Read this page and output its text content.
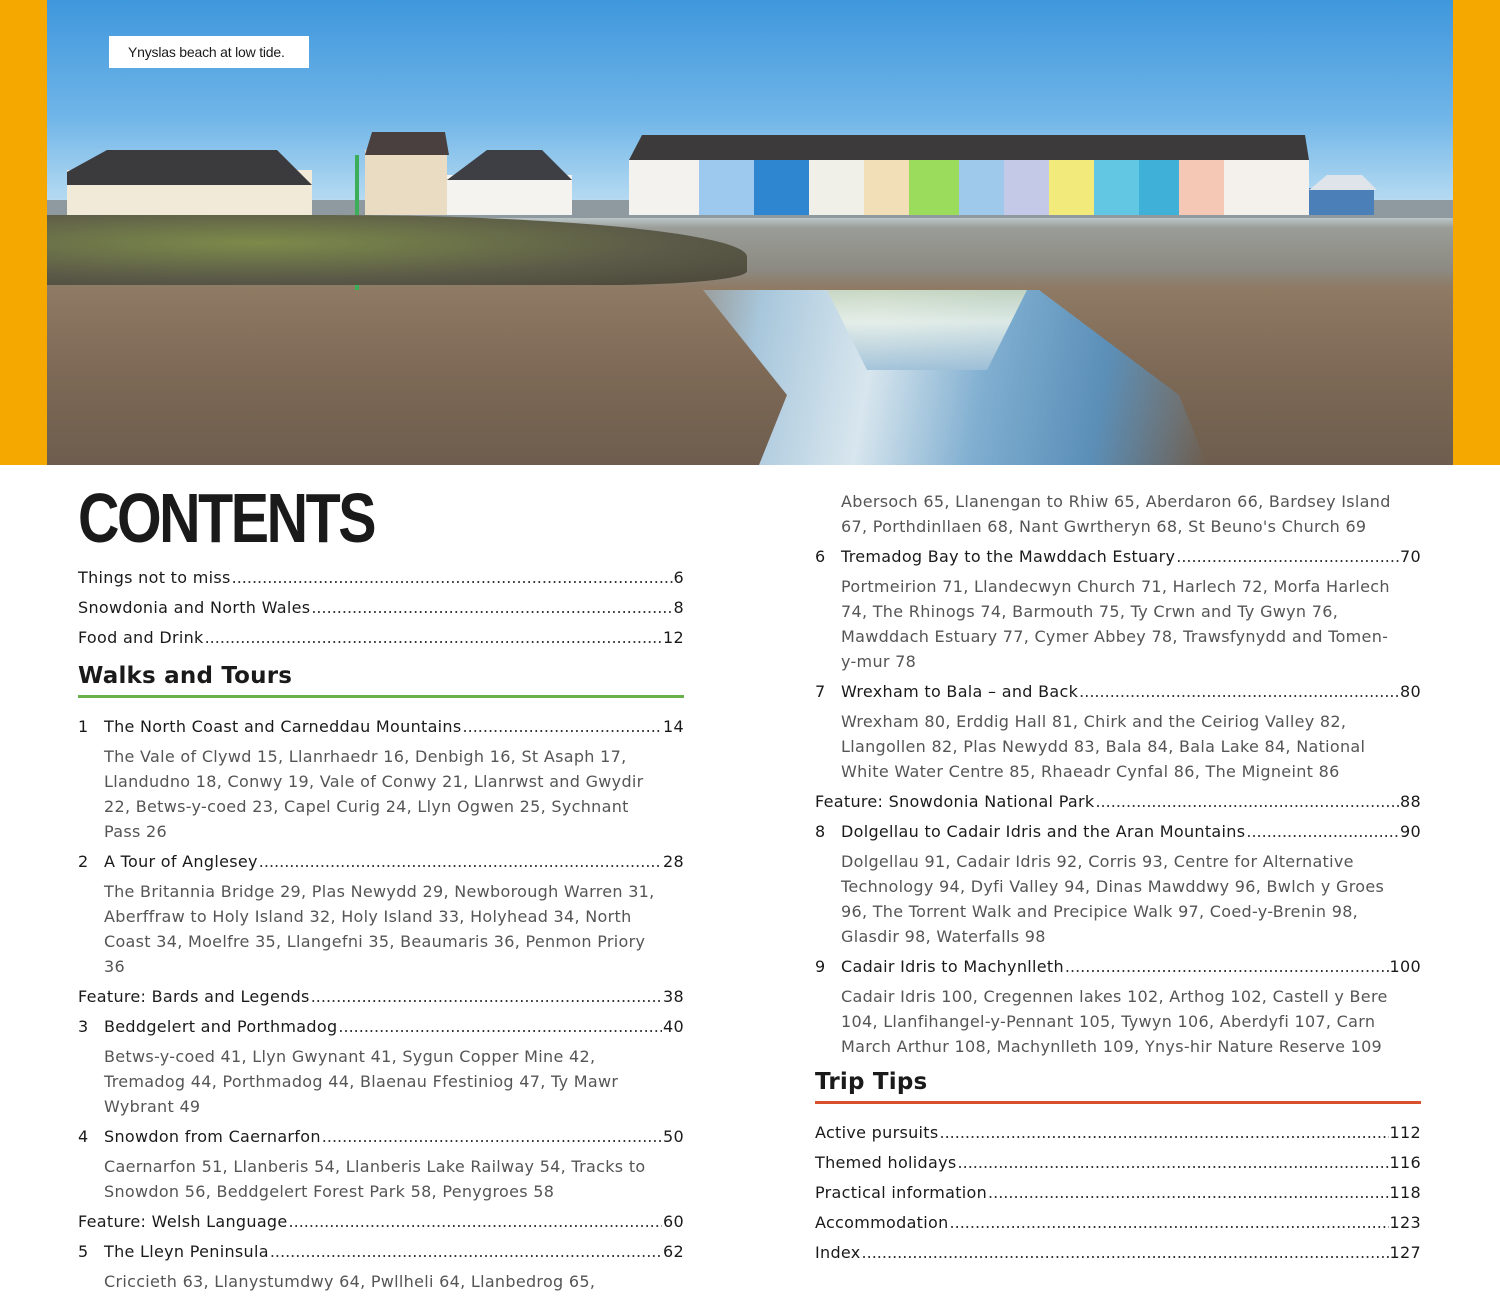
Ynyslas beach at low tide.
CONTENTS
Things not to miss .....	6
Snowdonia and North Wales .....	8
Food and Drink .....	12
Walks and Tours
1 The North Coast and Carneddau Mountains .....	14
The Vale of Clywd 15, Llanrhaedr 16, Denbigh 16, St Asaph 17, Llandudno 18, Conwy 19, Vale of Conwy 21, Llanrwst and Gwydir 22, Betws-y-coed 23, Capel Curig 24, Llyn Ogwen 25, Sychnant Pass 26
2 A Tour of Anglesey .....	28
The Britannia Bridge 29, Plas Newydd 29, Newborough Warren 31, Aberffraw to Holy Island 32, Holy Island 33, Holyhead 34, North Coast 34, Moelfre 35, Llangefni 35, Beaumaris 36, Penmon Priory 36
Feature: Bards and Legends .....	38
3 Beddgelert and Porthmadog .....	40
Betws-y-coed 41, Llyn Gwynant 41, Sygun Copper Mine 42, Tremadog 44, Porthmadog 44, Blaenau Ffestiniog 47, Ty Mawr Wybrant 49
4 Snowdon from Caernarfon .....	50
Caernarfon 51, Llanberis 54, Llanberis Lake Railway 54, Tracks to Snowdon 56, Beddgelert Forest Park 58, Penygroes 58
Feature: Welsh Language .....	60
5 The Lleyn Peninsula .....	62
Criccieth 63, Llanystumdwy 64, Pwllheli 64, Llanbedrog 65,
Abersoch 65, Llanengan to Rhiw 65, Aberdaron 66, Bardsey Island 67, Porthdinllaen 68, Nant Gwrtheryn 68, St Beuno's Church 69
6 Tremadog Bay to the Mawddach Estuary .....	70
Portmeirion 71, Llandecwyn Church 71, Harlech 72, Morfa Harlech 74, The Rhinogs 74, Barmouth 75, Ty Crwn and Ty Gwyn 76, Mawddach Estuary 77, Cymer Abbey 78, Trawsfynydd and Tomen-y-mur 78
7 Wrexham to Bala – and Back .....	80
Wrexham 80, Erddig Hall 81, Chirk and the Ceiriog Valley 82, Llangollen 82, Plas Newydd 83, Bala 84, Bala Lake 84, National White Water Centre 85, Rhaeadr Cynfal 86, The Migneint 86
Feature: Snowdonia National Park .....	88
8 Dolgellau to Cadair Idris and the Aran Mountains .....	90
Dolgellau 91, Cadair Idris 92, Corris 93, Centre for Alternative Technology 94, Dyfi Valley 94, Dinas Mawddwy 96, Bwlch y Groes 96, The Torrent Walk and Precipice Walk 97, Coed-y-Brenin 98, Glasdir 98, Waterfalls 98
9 Cadair Idris to Machynlleth .....	100
Cadair Idris 100, Cregennen lakes 102, Arthog 102, Castell y Bere 104, Llanfihangel-y-Pennant 105, Tywyn 106, Aberdyfi 107, Carn March Arthur 108, Machynlleth 109, Ynys-hir Nature Reserve 109
Trip Tips
Active pursuits .....	112
Themed holidays .....	116
Practical information .....	118
Accommodation .....	123
Index .....	127
